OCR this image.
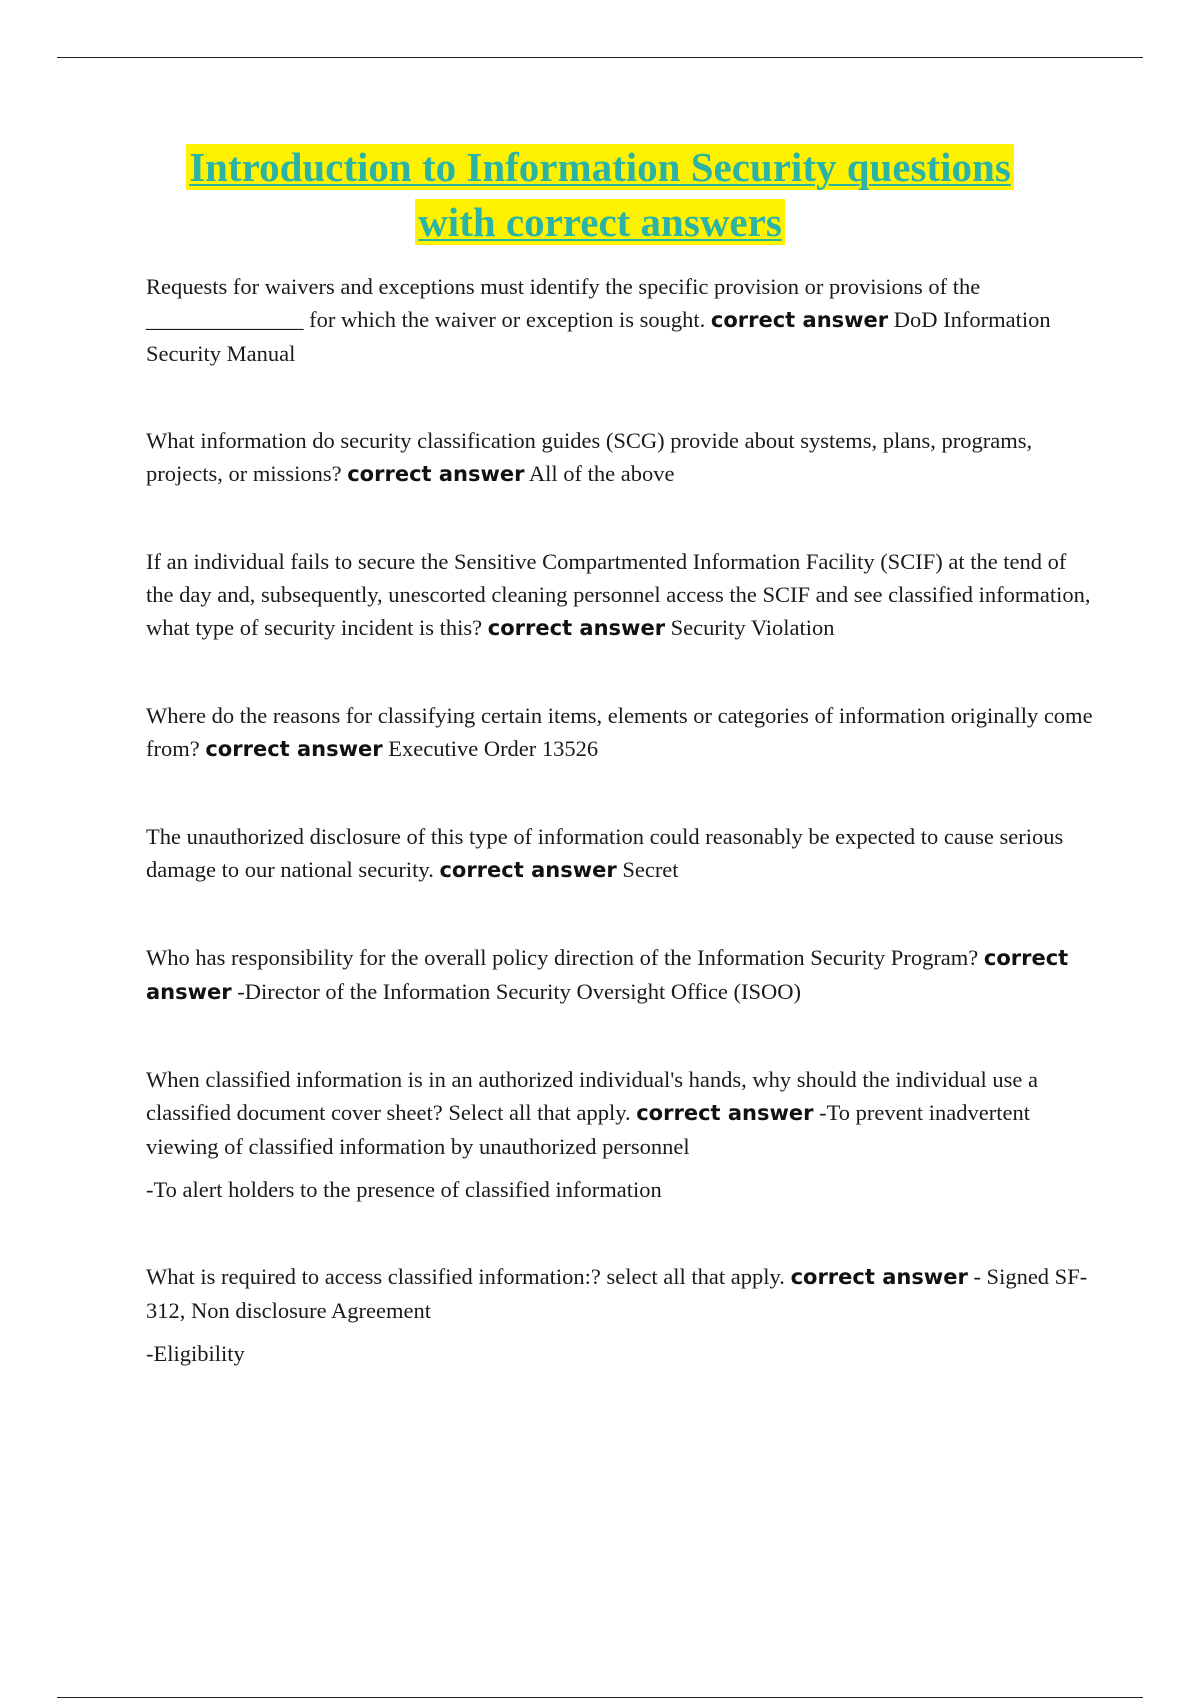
Introduction to Information Security questions
with correct answers

Requests for waivers and exceptions must identify the specific provision or provisions of the ______________ for which the waiver or exception is sought. correct answer DoD Information Security Manual

What information do security classification guides (SCG) provide about systems, plans, programs, projects, or missions? correct answer All of the above

If an individual fails to secure the Sensitive Compartmented Information Facility (SCIF) at the tend of the day and, subsequently, unescorted cleaning personnel access the SCIF and see classified information, what type of security incident is this? correct answer Security Violation

Where do the reasons for classifying certain items, elements or categories of information originally come from? correct answer Executive Order 13526

The unauthorized disclosure of this type of information could reasonably be expected to cause serious damage to our national security. correct answer Secret

Who has responsibility for the overall policy direction of the Information Security Program? correct answer -Director of the Information Security Oversight Office (ISOO)

When classified information is in an authorized individual's hands, why should the individual use a classified document cover sheet? Select all that apply. correct answer -To prevent inadvertent viewing of classified information by unauthorized personnel

-To alert holders to the presence of classified information

What is required to access classified information:? select all that apply. correct answer - Signed SF-312, Non disclosure Agreement

-Eligibility
